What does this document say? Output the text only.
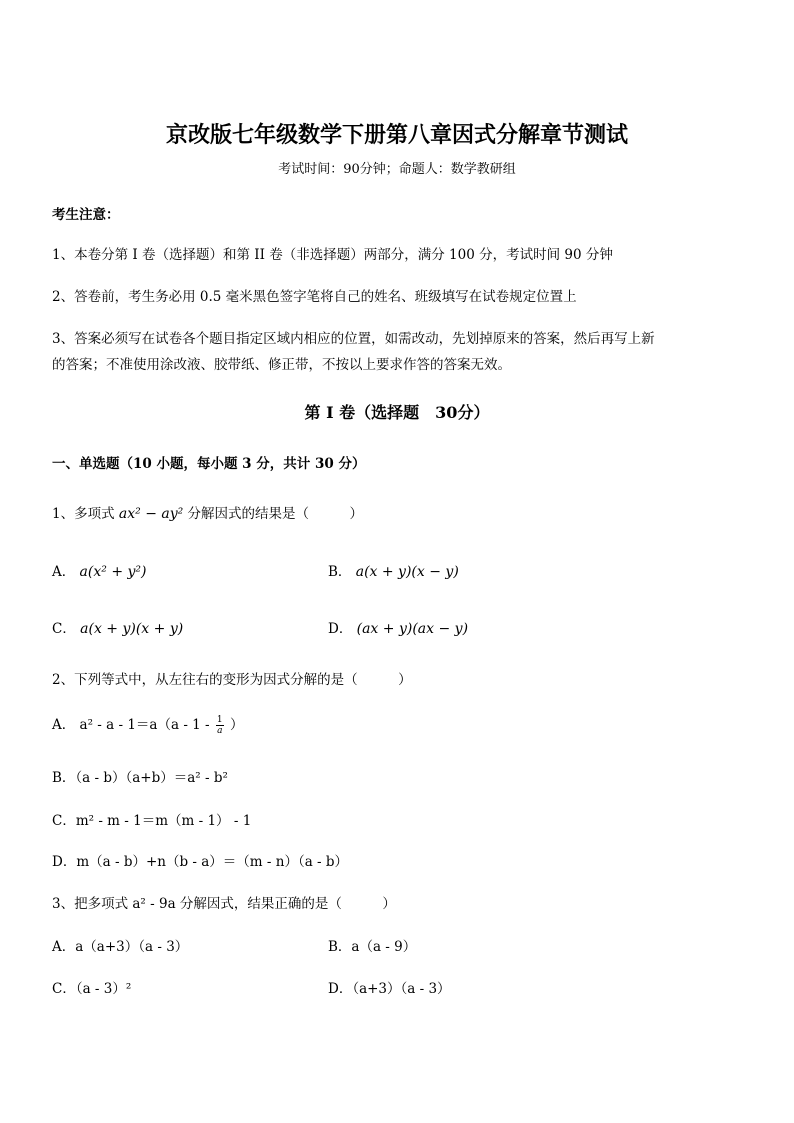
京改版七年级数学下册第八章因式分解章节测试
考试时间：90分钟；命题人：数学教研组
考生注意：
1、本卷分第 I 卷（选择题）和第 II 卷（非选择题）两部分，满分 100 分，考试时间 90 分钟
2、答卷前，考生务必用 0.5 毫米黑色签字笔将自己的姓名、班级填写在试卷规定位置上
3、答案必须写在试卷各个题目指定区域内相应的位置，如需改动，先划掉原来的答案，然后再写上新
的答案；不准使用涂改液、胶带纸、修正带，不按以上要求作答的答案无效。
第 I 卷（选择题　30分）
一、单选题（10 小题，每小题 3 分，共计 30 分）
1、多项式 ax² − ay² 分解因式的结果是（　　　）
A． a(x² + y²)	B． a(x + y)(x − y)
C． a(x + y)(x + y)	D． (ax + y)(ax − y)
2、下列等式中，从左往右的变形为因式分解的是（　　　）
A． $a^2 - a - 1=a(a - 1 - \frac{1}{a}$ ）
B．（a - b）（a+b）＝a² - b²
C．m² - m - 1＝m（m - 1） - 1
D．m（a - b）+n（b - a）＝（m - n）（a - b）
3、把多项式 a² - 9a 分解因式，结果正确的是（　　　）
A．a（a+3）（a - 3）	B．a（a - 9）
C．（a - 3）²	D．（a+3）（a - 3）
